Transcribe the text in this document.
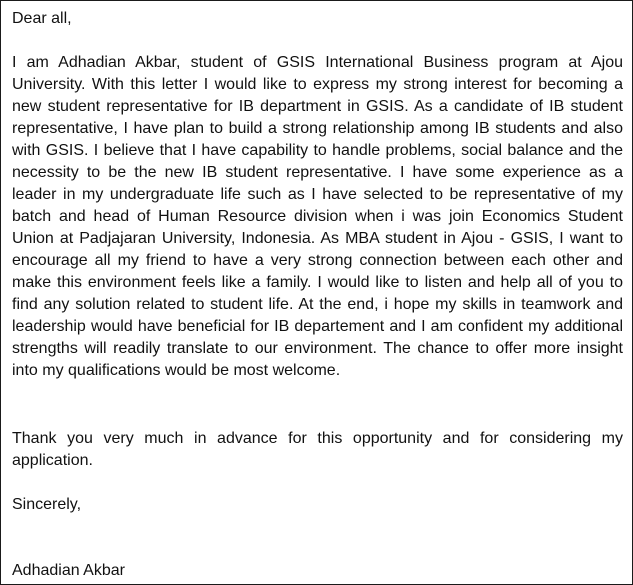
Dear all,

I am Adhadian Akbar, student of GSIS International Business program at Ajou University. With this letter I would like to express my strong interest for becoming a new student representative for IB department in GSIS. As a candidate of IB student representative, I have plan to build a strong relationship among IB students and also with GSIS. I believe that I have capability to handle problems, social balance and the necessity to be the new IB student representative. I have some experience as a leader in my undergraduate life such as I have selected to be representative of my batch and head of Human Resource division when i was join Economics Student Union at Padjajaran University, Indonesia. As MBA student in Ajou - GSIS, I want to encourage all my friend to have a very strong connection between each other and make this environment feels like a family. I would like to listen and help all of you to find any solution related to student life. At the end, i hope my skills in teamwork and leadership would have beneficial for IB departement and I am confident my additional strengths will readily translate to our environment. The chance to offer more insight into my qualifications would be most welcome.

Thank you very much in advance for this opportunity and for considering my application.

Sincerely,

Adhadian Akbar
